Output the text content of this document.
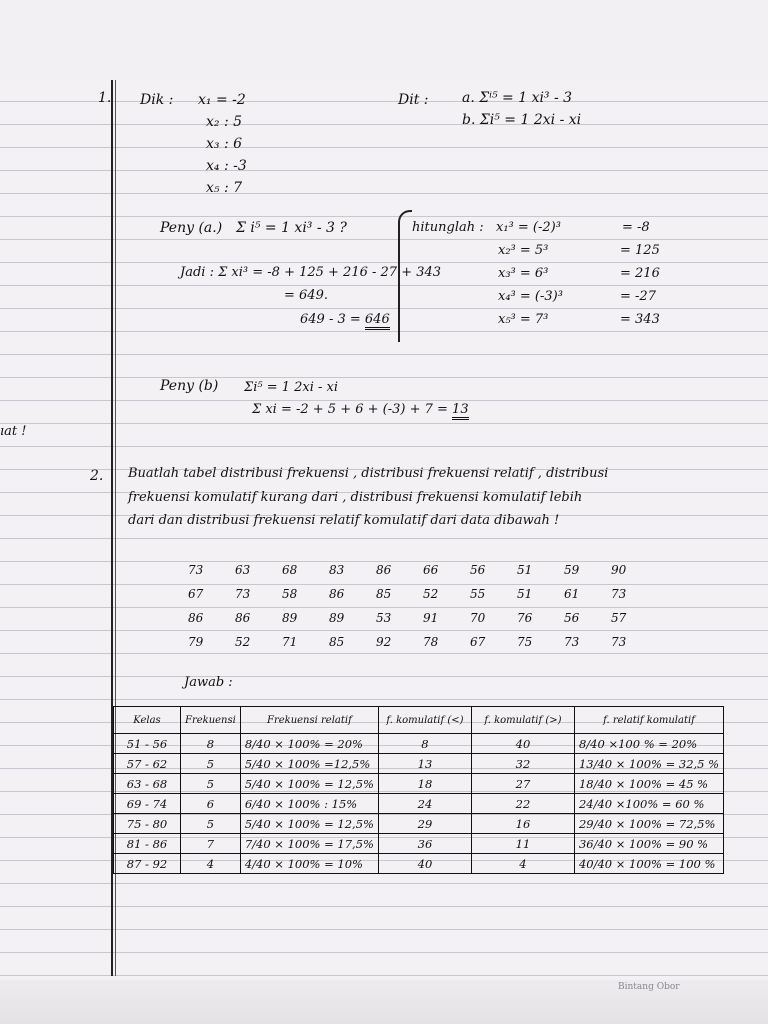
1. Dik : x₁ = -2
x₂ : 5
x₃ : 6
x₄ : -3
x₅ : 7
Dit : a. Σⁱ⁵ = 1 xi³ - 3
b. Σi⁵ = 1 2xi - xi
Peny (a.) Σ i⁵ = 1 xi³ - 3 ?	hitunglah : x₁³ = (-2)³	= -8
x₂³ = 5³	= 125
x₃³ = 6³	= 216
x₄³ = (-3)³	= -27
x₅³ = 7³	= 343
Jadi : Σ xi³ = -8 + 125 + 216 - 27 + 343
= 649.
649 - 3 = 646
Peny (b) Σi⁵ = 1 2xi - xi
Σ xi = -2 + 5 + 6 + (-3) + 7 = 13
ıat !
2. Buatlah tabel distribusi frekuensi , distribusi frekuensi relatif , distribusi
frekuensi komulatif kurang dari , distribusi frekuensi komulatif lebih
dari dan distribusi frekuensi relatif komulatif dari data dibawah !
73	63	68	83	86	66	56	51	59	90
67	73	58	86	85	52	55	51	61	73
86	86	89	89	53	91	70	76	56	57
79	52	71	85	92	78	67	75	73	73
Jawab :
Kelas	Frekuensi	Frekuensi relatif	f. komulatif (<)	f. komulatif (>)	f. relatif komulatif
51 - 56	8	8/40 × 100% = 20%	8	40	8/40 ×100 % = 20%
57 - 62	5	5/40 × 100% =12,5%	13	32	13/40 × 100% = 32,5 %
63 - 68	5	5/40 × 100% = 12,5%	18	27	18/40 × 100% = 45 %
69 - 74	6	6/40 × 100% : 15%	24	22	24/40 ×100% = 60 %
75 - 80	5	5/40 × 100% = 12,5%	29	16	29/40 × 100% = 72,5%
81 - 86	7	7/40 × 100% = 17,5%	36	11	36/40 × 100% = 90 %
87 - 92	4	4/40 × 100% = 10%	40	4	40/40 × 100% = 100 %
Bintang Obor
